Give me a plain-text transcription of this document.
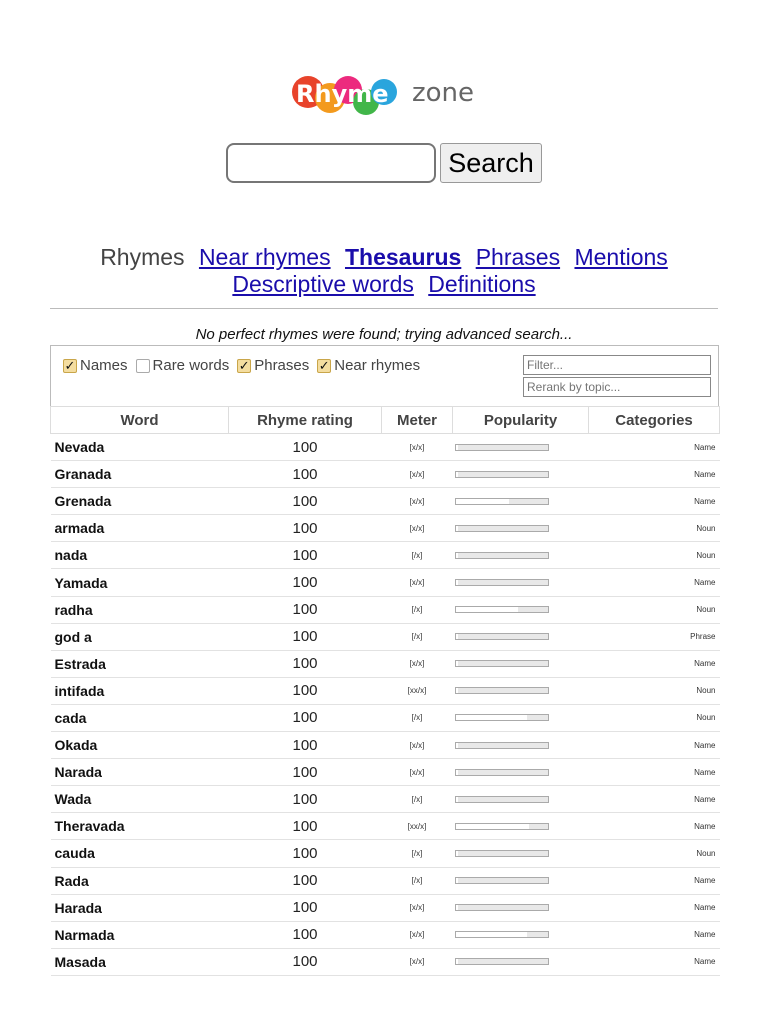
Rhyme zone
Search
Rhymes Near rhymes Thesaurus Phrases Mentions
Descriptive words Definitions
No perfect rhymes were found; trying advanced search...
✓ Names Rare words ✓ Phrases ✓ Near rhymes
Filter...
Rerank by topic...
Word	Rhyme rating	Meter	Popularity	Categories
Nevada	100	[x/x]		Name
Granada	100	[x/x]		Name
Grenada	100	[x/x]		Name
armada	100	[x/x]		Noun
nada	100	[/x]		Noun
Yamada	100	[x/x]		Name
radha	100	[/x]		Noun
god a	100	[/x]		Phrase
Estrada	100	[x/x]		Name
intifada	100	[xx/x]		Noun
cada	100	[/x]		Noun
Okada	100	[x/x]		Name
Narada	100	[x/x]		Name
Wada	100	[/x]		Name
Theravada	100	[xx/x]		Name
cauda	100	[/x]		Noun
Rada	100	[/x]		Name
Harada	100	[x/x]		Name
Narmada	100	[x/x]		Name
Masada	100	[x/x]		Name
